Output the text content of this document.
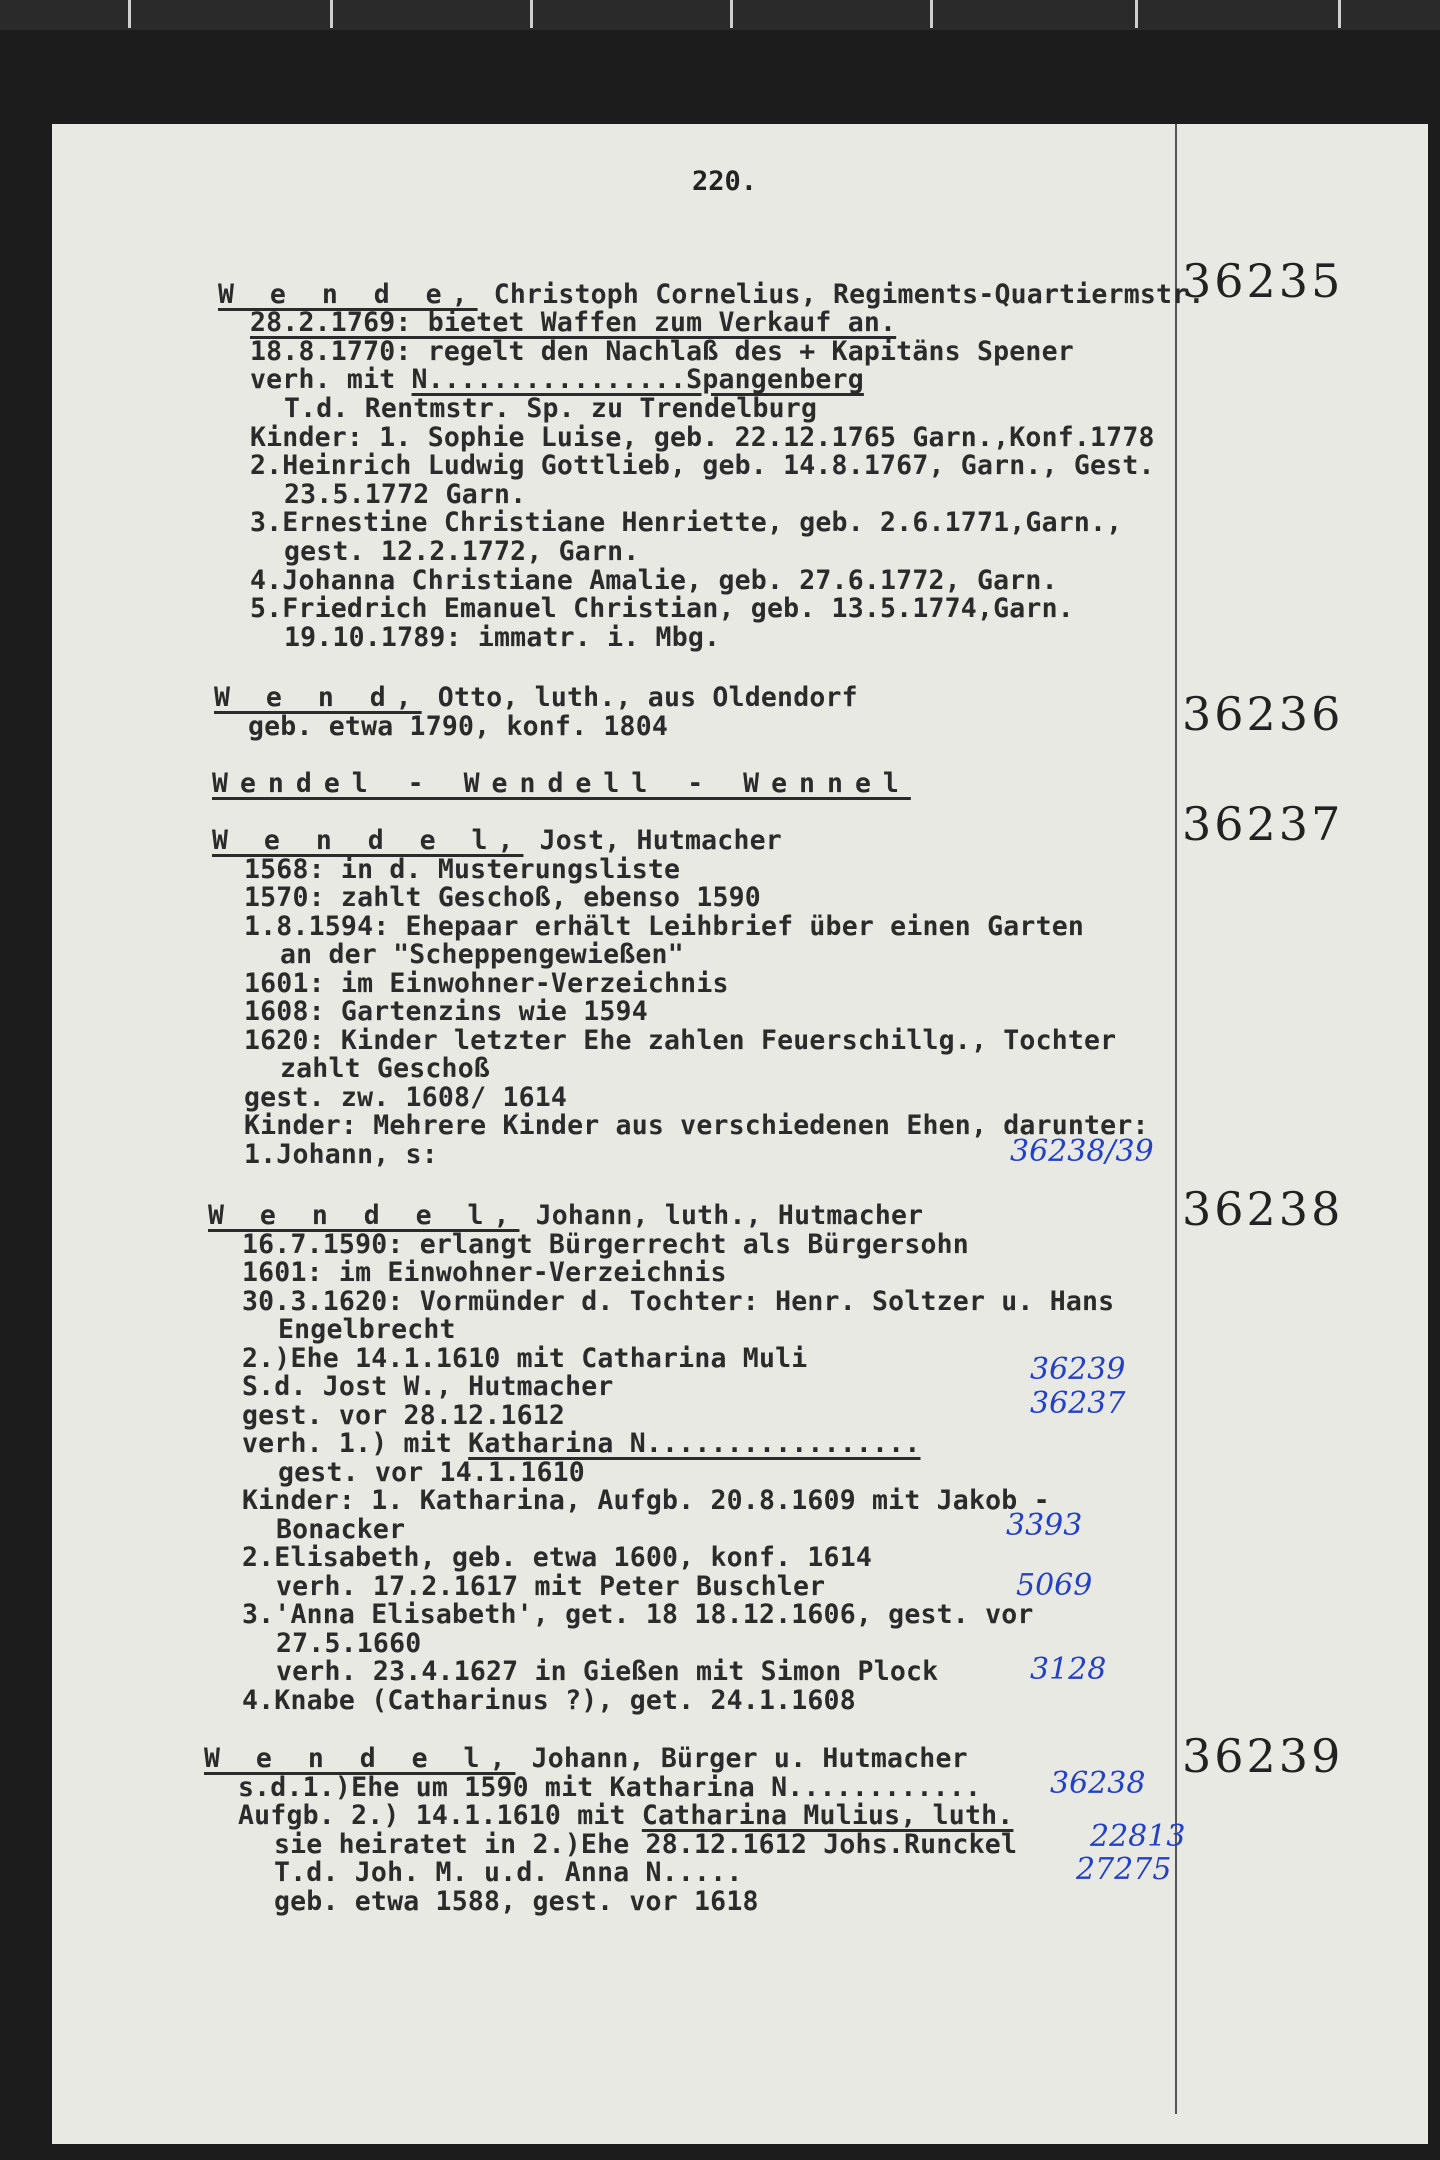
220.
36235
W e n d e, Christoph Cornelius, Regiments-Quartiermstr.
28.2.1769: bietet Waffen zum Verkauf an.
18.8.1770: regelt den Nachlaß des + Kapitäns Spener
verh. mit N................Spangenberg
T.d. Rentmstr. Sp. zu Trendelburg
Kinder: 1. Sophie Luise, geb. 22.12.1765 Garn.,Konf.1778
2.Heinrich Ludwig Gottlieb, geb. 14.8.1767, Garn., Gest.
23.5.1772 Garn.
3.Ernestine Christiane Henriette, geb. 2.6.1771,Garn.,
gest. 12.2.1772, Garn.
4.Johanna Christiane Amalie, geb. 27.6.1772, Garn.
5.Friedrich Emanuel Christian, geb. 13.5.1774,Garn.
19.10.1789: immatr. i. Mbg.
36236
W e n d, Otto, luth., aus Oldendorf
geb. etwa 1790, konf. 1804
Wendel - Wendell - Wennel
36237
W e n d e l, Jost, Hutmacher
1568: in d. Musterungsliste
1570: zahlt Geschoß, ebenso 1590
1.8.1594: Ehepaar erhält Leihbrief über einen Garten
an der "Scheppengewießen"
1601: im Einwohner-Verzeichnis
1608: Gartenzins wie 1594
1620: Kinder letzter Ehe zahlen Feuerschillg., Tochter
zahlt Geschoß
gest. zw. 1608/ 1614
Kinder: Mehrere Kinder aus verschiedenen Ehen, darunter:
1.Johann, s:	36238/39
36238
W e n d e l, Johann, luth., Hutmacher
16.7.1590: erlangt Bürgerrecht als Bürgersohn
1601: im Einwohner-Verzeichnis
30.3.1620: Vormünder d. Tochter: Henr. Soltzer u. Hans
Engelbrecht
2.)Ehe 14.1.1610 mit Catharina Muli
S.d. Jost W., Hutmacher
gest. vor 28.12.1612
verh. 1.) mit Katharina N.................
gest. vor 14.1.1610
Kinder: 1. Katharina, Aufgb. 20.8.1609 mit Jakob -
Bonacker
2.Elisabeth, geb. etwa 1600, konf. 1614
verh. 17.2.1617 mit Peter Buschler
3.'Anna Elisabeth', get. 18 18.12.1606, gest. vor
27.5.1660
verh. 23.4.1627 in Gießen mit Simon Plock
4.Knabe (Catharinus ?), get. 24.1.1608
36239
36237
3393
5069
3128
36239
W e n d e l, Johann, Bürger u. Hutmacher
s.d.1.)Ehe um 1590 mit Katharina N............
Aufgb. 2.) 14.1.1610 mit Catharina Mulius, luth.
sie heiratet in 2.)Ehe 28.12.1612 Johs.Runckel
T.d. Joh. M. u.d. Anna N.....
geb. etwa 1588, gest. vor 1618
36238
22813
27275
